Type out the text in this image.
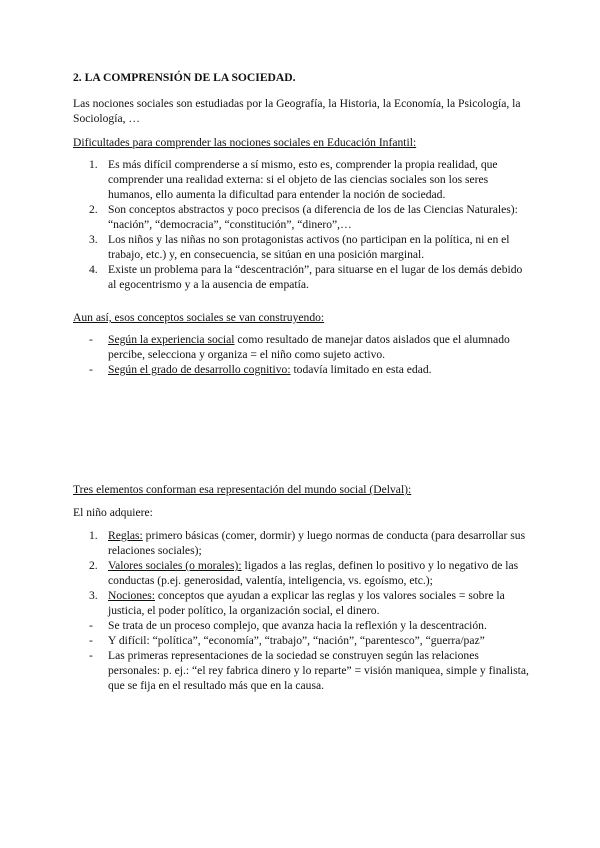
2. LA COMPRENSIÓN DE LA SOCIEDAD.

Las nociones sociales son estudiadas por la Geografía, la Historia, la Economía, la Psicología, la Sociología, …

Dificultades para comprender las nociones sociales en Educación Infantil:

1. Es más difícil comprenderse a sí mismo, esto es, comprender la propia realidad, que comprender una realidad externa: si el objeto de las ciencias sociales son los seres humanos, ello aumenta la dificultad para entender la noción de sociedad.
2. Son conceptos abstractos y poco precisos (a diferencia de los de las Ciencias Naturales): “nación”, “democracia”, “constitución”, “dinero”,…
3. Los niños y las niñas no son protagonistas activos (no participan en la política, ni en el trabajo, etc.) y, en consecuencia, se sitúan en una posición marginal.
4. Existe un problema para la “descentración”, para situarse en el lugar de los demás debido al egocentrismo y a la ausencia de empatía.

Aun así, esos conceptos sociales se van construyendo:

- Según la experiencia social como resultado de manejar datos aislados que el alumnado percibe, selecciona y organiza = el niño como sujeto activo.
- Según el grado de desarrollo cognitivo: todavía limitado en esta edad.

Tres elementos conforman esa representación del mundo social (Delval):

El niño adquiere:

1. Reglas: primero básicas (comer, dormir) y luego normas de conducta (para desarrollar sus relaciones sociales);
2. Valores sociales (o morales): ligados a las reglas, definen lo positivo y lo negativo de las conductas (p.ej. generosidad, valentía, inteligencia, vs. egoísmo, etc.);
3. Nociones: conceptos que ayudan a explicar las reglas y los valores sociales = sobre la justicia, el poder político, la organización social, el dinero.
- Se trata de un proceso complejo, que avanza hacia la reflexión y la descentración.
- Y difícil: “política”, “economía”, “trabajo”, “nación”, “parentesco”, “guerra/paz”
- Las primeras representaciones de la sociedad se construyen según las relaciones personales: p. ej.: “el rey fabrica dinero y lo reparte” = visión maniquea, simple y finalista, que se fija en el resultado más que en la causa.
